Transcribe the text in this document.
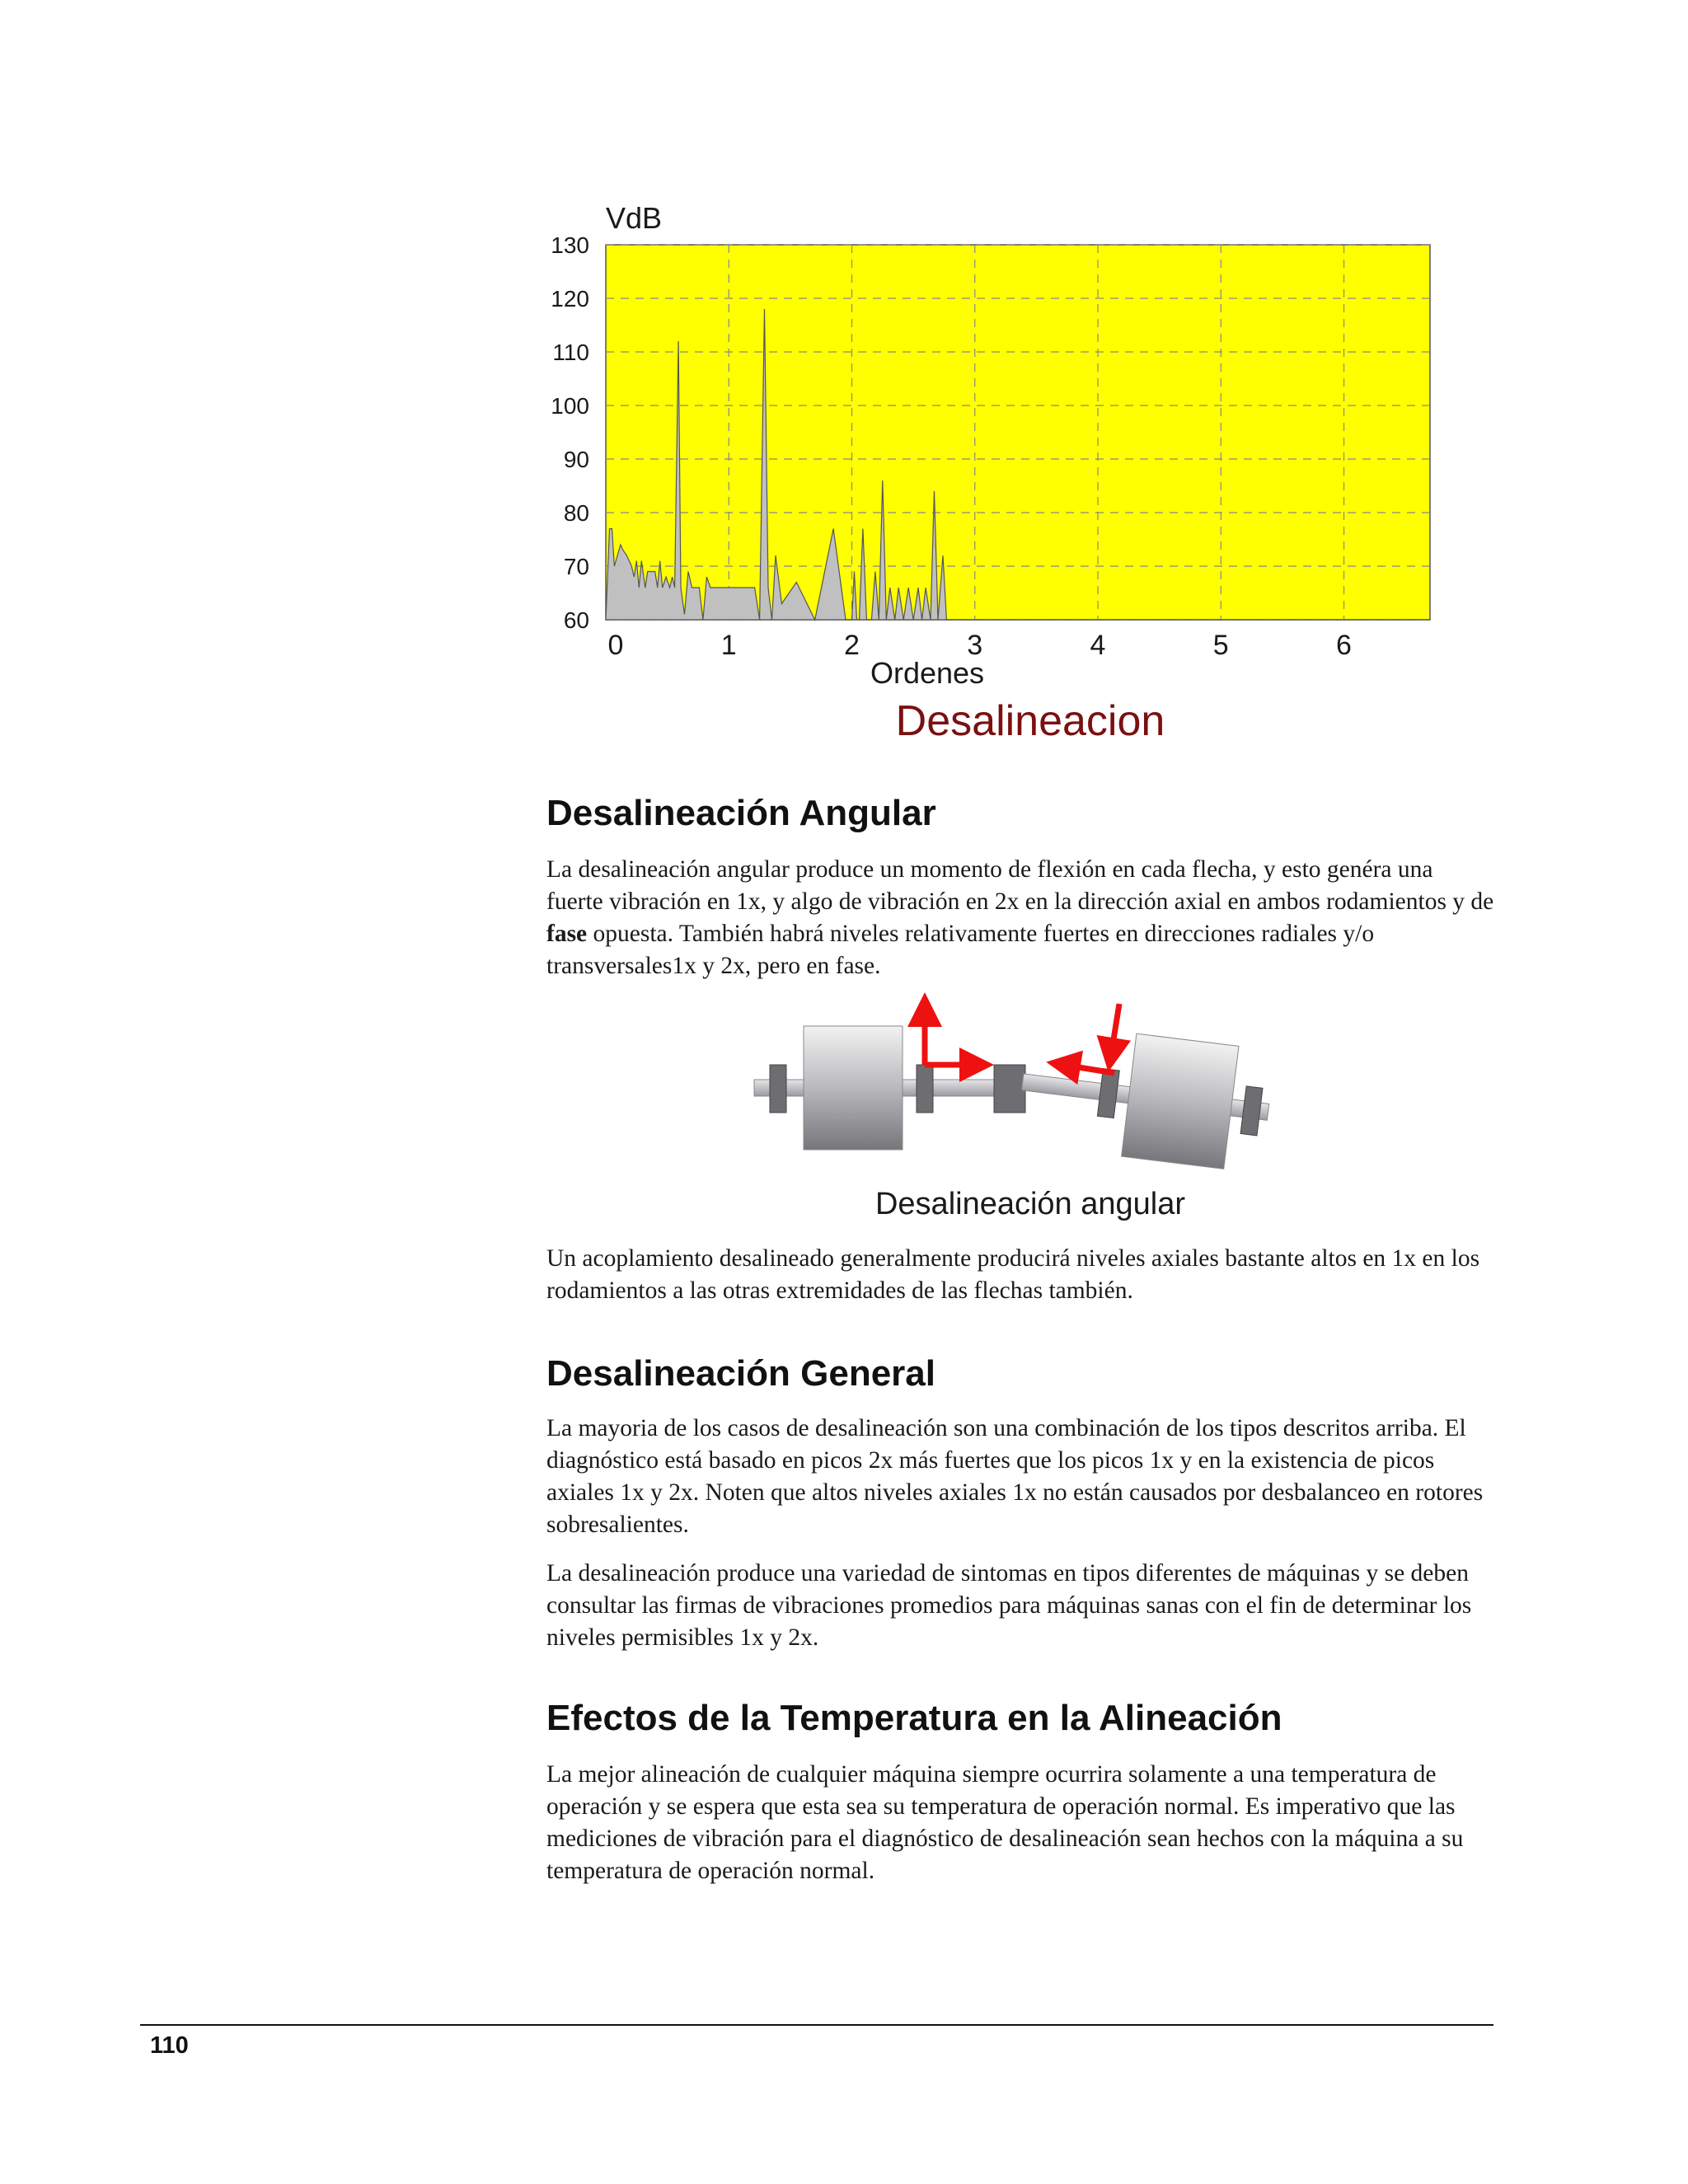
130
120
110
100
90
80
70
60
0	1	2	3	4	5	6
VdB
Ordenes
Desalineacion
Desalineación Angular

La desalineación angular produce un momento de flexión en cada flecha, y esto genéra una fuerte vibración en 1x, y algo de vibración en 2x en la dirección axial en ambos rodamientos y de fase opuesta. También habrá niveles relativamente fuertes en direcciones radiales y/o transversales1x y 2x, pero en fase.

Desalineación angular

Un acoplamiento desalineado generalmente producirá niveles axiales bastante altos en 1x en los rodamientos a las otras extremidades de las flechas también.

Desalineación General

La mayoria de los casos de desalineación son una combinación de los tipos descritos arriba. El diagnóstico está basado en picos 2x más fuertes que los picos 1x y en la existencia de picos axiales 1x y 2x. Noten que altos niveles axiales 1x no están causados por desbalanceo en rotores sobresalientes.

La desalineación produce una variedad de sintomas en tipos diferentes de máquinas y se deben consultar las firmas de vibraciones promedios para máquinas sanas con el fin de determinar los niveles permisibles 1x y 2x.

Efectos de la Temperatura en la Alineación

La mejor alineación de cualquier máquina siempre ocurrira solamente a una temperatura de operación y se espera que esta sea su temperatura de operación normal. Es imperativo que las mediciones de vibración para el diagnóstico de desalineación sean hechos con la máquina a su temperatura de operación normal.

110
